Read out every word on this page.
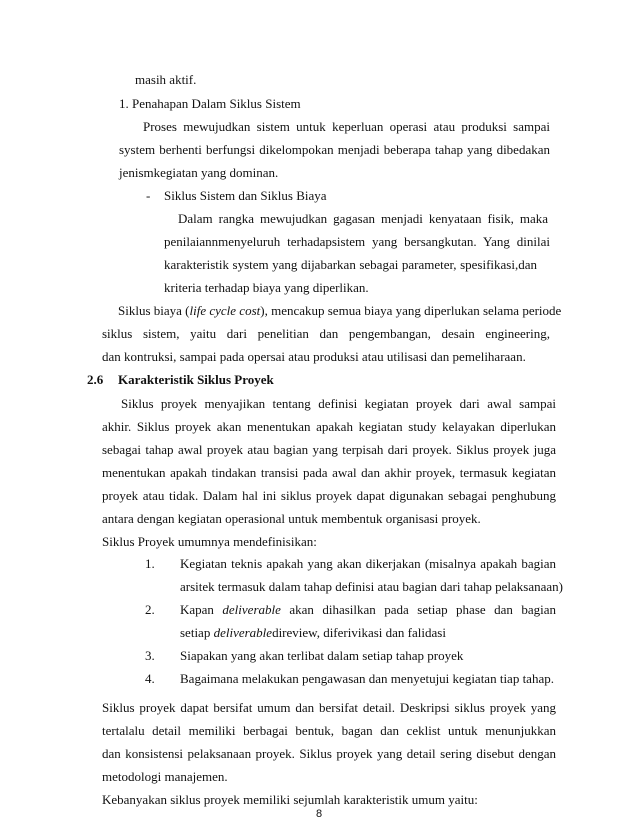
masih aktif.
1. Penahapan Dalam Siklus Sistem
Proses mewujudkan sistem untuk keperluan operasi atau produksi sampai
system berhenti berfungsi dikelompokan menjadi beberapa tahap yang dibedakan
jenismkegiatan yang dominan.
- Siklus Sistem dan Siklus Biaya
Dalam rangka mewujudkan gagasan menjadi kenyataan fisik, maka
penilaiannmenyeluruh terhadapsistem yang bersangkutan. Yang dinilai
karakteristik system yang dijabarkan sebagai parameter, spesifikasi,dan
kriteria terhadap biaya yang diperlikan.
Siklus biaya (life cycle cost), mencakup semua biaya yang diperlukan selama periode
siklus sistem, yaitu dari penelitian dan pengembangan, desain engineering,
dan kontruksi, sampai pada opersai atau produksi atau utilisasi dan pemeliharaan.
2.6 Karakteristik Siklus Proyek
Siklus proyek menyajikan tentang definisi kegiatan proyek dari awal sampai
akhir. Siklus proyek akan menentukan apakah kegiatan study kelayakan diperlukan
sebagai tahap awal proyek atau bagian yang terpisah dari proyek. Siklus proyek juga
menentukan apakah tindakan transisi pada awal dan akhir proyek, termasuk kegiatan
proyek atau tidak. Dalam hal ini siklus proyek dapat digunakan sebagai penghubung
antara dengan kegiatan operasional untuk membentuk organisasi proyek.
Siklus Proyek umumnya mendefinisikan:
1. Kegiatan teknis apakah yang akan dikerjakan (misalnya apakah bagian
arsitek termasuk dalam tahap definisi atau bagian dari tahap pelaksanaan)
2. Kapan deliverable akan dihasilkan pada setiap phase dan bagian
setiap deliverabledireview, diferivikasi dan falidasi
3. Siapakan yang akan terlibat dalam setiap tahap proyek
4. Bagaimana melakukan pengawasan dan menyetujui kegiatan tiap tahap.
Siklus proyek dapat bersifat umum dan bersifat detail. Deskripsi siklus proyek yang
tertalalu detail memiliki berbagai bentuk, bagan dan ceklist untuk menunjukkan
dan konsistensi pelaksanaan proyek. Siklus proyek yang detail sering disebut dengan
metodologi manajemen.
Kebanyakan siklus proyek memiliki sejumlah karakteristik umum yaitu:
8
